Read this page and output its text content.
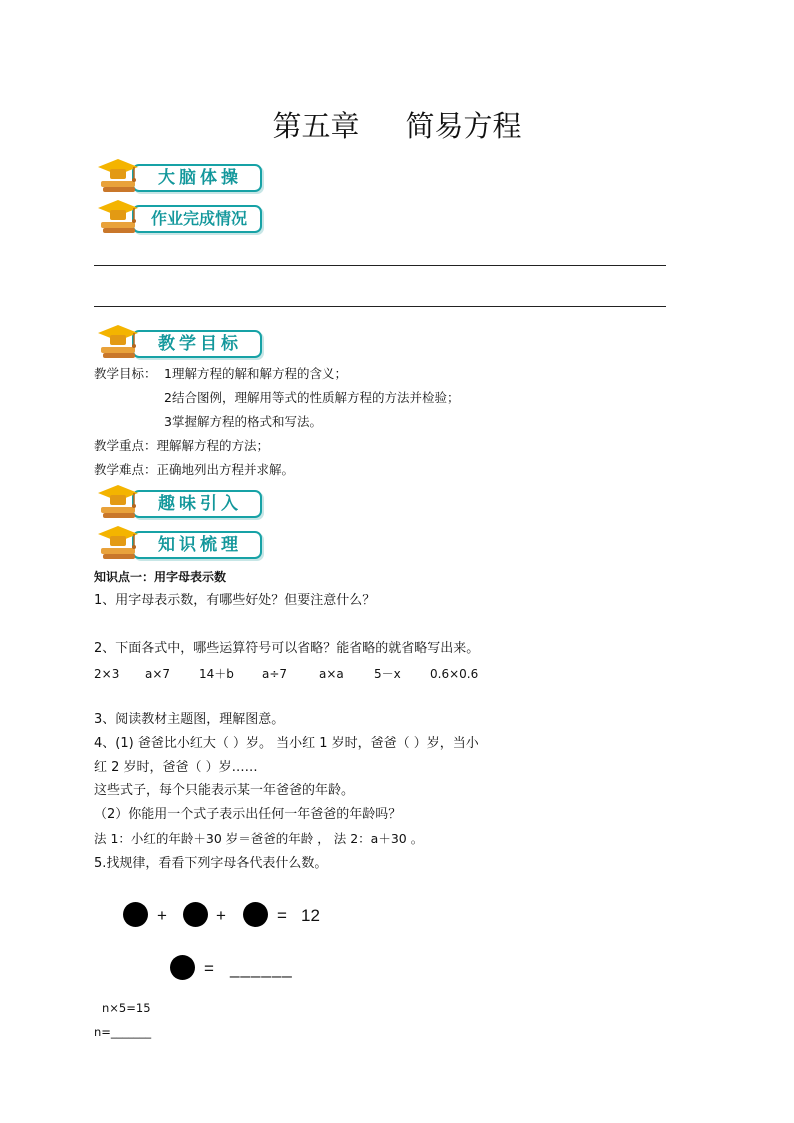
第五章 简易方程
大脑体操
作业完成情况
教学目标
教学目标： 1理解方程的解和解方程的含义；
2结合图例，理解用等式的性质解方程的方法并检验；
3掌握解方程的格式和写法。
教学重点：理解解方程的方法；
教学难点：正确地列出方程并求解。
趣味引入
知识梳理
知识点一：用字母表示数
1、用字母表示数，有哪些好处？但要注意什么？
2、下面各式中，哪些运算符号可以省略？能省略的就省略写出来。
2×3 a×7 14＋b a÷7	a×a	5－x 0.6×0.6
3、阅读教材主题图，理解图意。
4、(1) 爸爸比小红大（ ）岁。 当小红 1 岁时，爸爸（ ）岁，当小
红 2 岁时，爸爸（ ）岁……
这些式子，每个只能表示某一年爸爸的年龄。
（2）你能用一个式子表示出任何一年爸爸的年龄吗？
法 1：小红的年龄＋30 岁＝爸爸的年龄 ， 法 2：a＋30 。
5.找规律，看看下列字母各代表什么数。
+	+	= 12
= ______
n×5=15
n=_______
